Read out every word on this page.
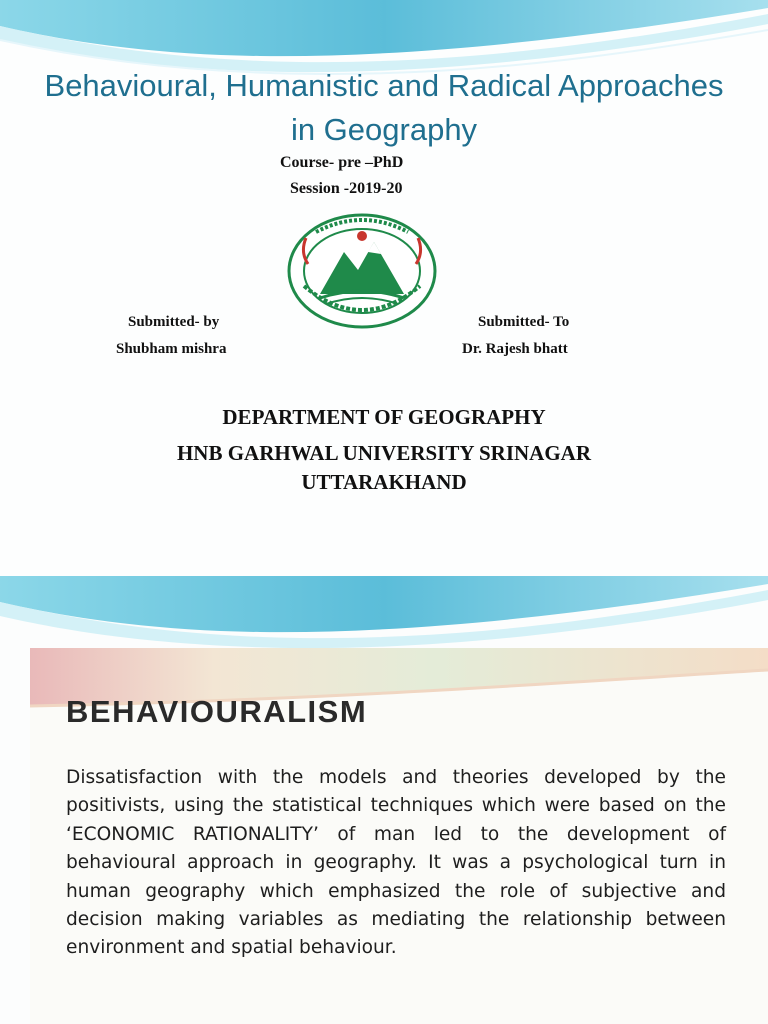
Behavioural, Humanistic and Radical Approaches in Geography
Course- pre –PhD
Session -2019-20
Submitted- by
Shubham mishra
Submitted- To
Dr. Rajesh bhatt
DEPARTMENT OF GEOGRAPHY
HNB GARHWAL UNIVERSITY SRINAGAR
UTTARAKHAND
BEHAVIOURALISM

Dissatisfaction with the models and theories developed by the positivists, using the statistical techniques which were based on the ‘ECONOMIC RATIONALITY’ of man led to the development of behavioural approach in geography. It was a psychological turn in human geography which emphasized the role of subjective and decision making variables as mediating the relationship between environment and spatial behaviour.
